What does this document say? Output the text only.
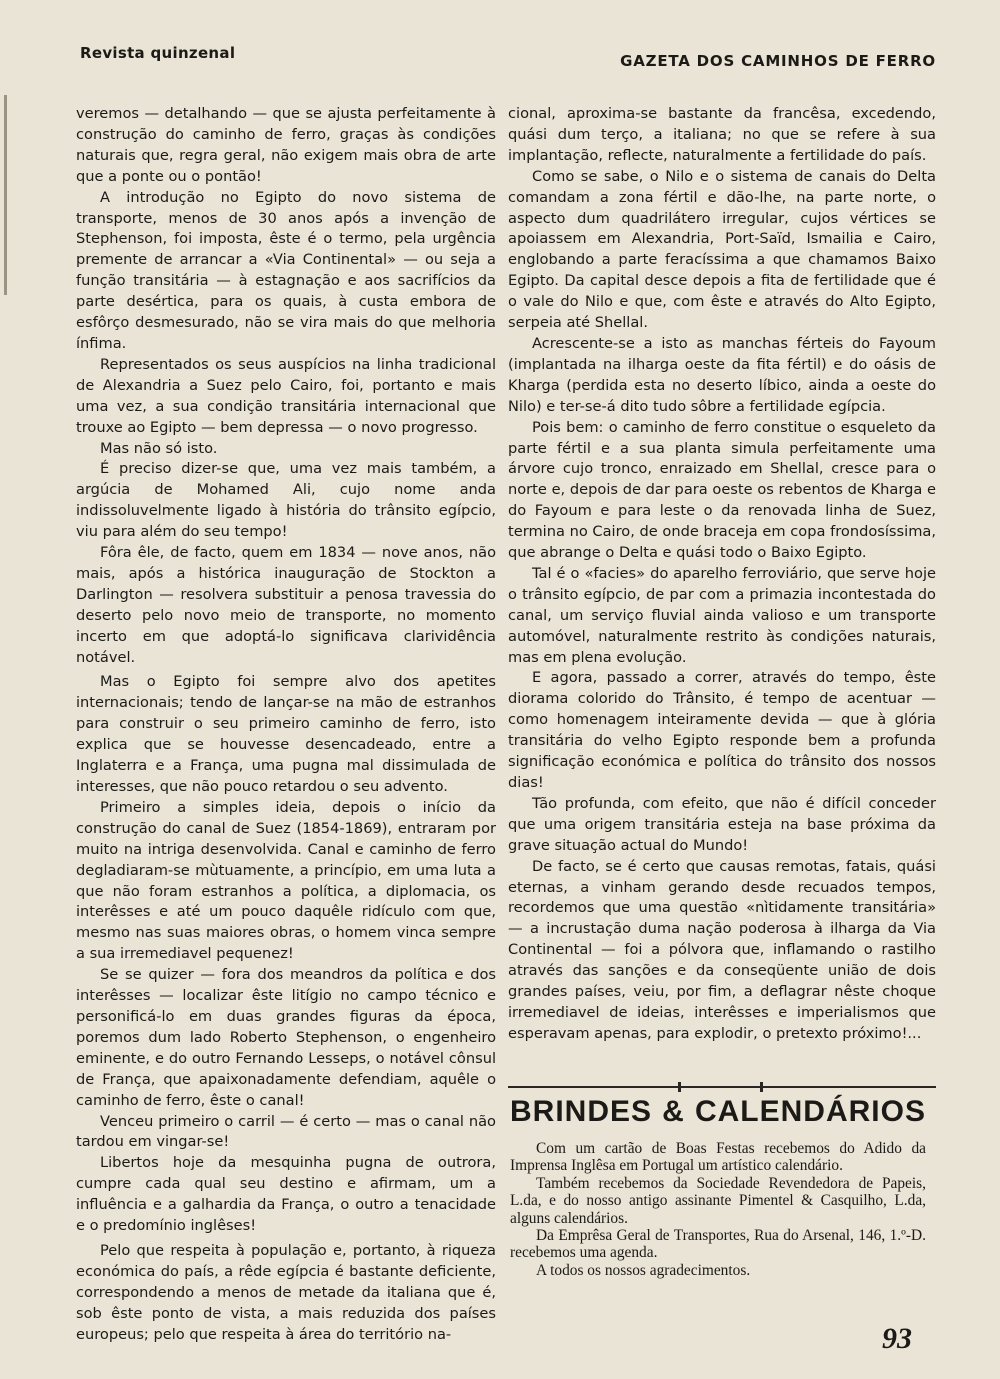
Revista quinzenal	GAZETA DOS CAMINHOS DE FERRO

veremos — detalhando — que se ajusta perfeitamente à construção do caminho de ferro, graças às condições naturais que, regra geral, não exigem mais obra de arte que a ponte ou o pontão!

A introdução no Egipto do novo sistema de transporte, menos de 30 anos após a invenção de Stephenson, foi imposta, êste é o termo, pela urgência premente de arrancar a «Via Continental» — ou seja a função transitária — à estagnação e aos sacrifícios da parte desértica, para os quais, à custa embora de esfôrço desmesurado, não se vira mais do que melhoria ínfima.

Representados os seus auspícios na linha tradicional de Alexandria a Suez pelo Cairo, foi, portanto e mais uma vez, a sua condição transitária internacional que trouxe ao Egipto — bem depressa — o novo progresso.

Mas não só isto.

É preciso dizer-se que, uma vez mais também, a argúcia de Mohamed Ali, cujo nome anda indissoluvelmente ligado à história do trânsito egípcio, viu para além do seu tempo!

Fôra êle, de facto, quem em 1834 — nove anos, não mais, após a histórica inauguração de Stockton a Darlington — resolvera substituir a penosa travessia do deserto pelo novo meio de transporte, no momento incerto em que adoptá-lo significava clarividência notável.

Mas o Egipto foi sempre alvo dos apetites internacionais; tendo de lançar-se na mão de estranhos para construir o seu primeiro caminho de ferro, isto explica que se houvesse desencadeado, entre a Inglaterra e a França, uma pugna mal dissimulada de interesses, que não pouco retardou o seu advento.

Primeiro a simples ideia, depois o início da construção do canal de Suez (1854-1869), entraram por muito na intriga desenvolvida. Canal e caminho de ferro degladiaram-se mùtuamente, a princípio, em uma luta a que não foram estranhos a política, a diplomacia, os interêsses e até um pouco daquêle ridículo com que, mesmo nas suas maiores obras, o homem vinca sempre a sua irremediavel pequenez!

Se se quizer — fora dos meandros da política e dos interêsses — localizar êste litígio no campo técnico e personificá-lo em duas grandes figuras da época, poremos dum lado Roberto Stephenson, o engenheiro eminente, e do outro Fernando Lesseps, o notável cônsul de França, que apaixonadamente defendiam, aquêle o caminho de ferro, êste o canal!

Venceu primeiro o carril — é certo — mas o canal não tardou em vingar-se!

Libertos hoje da mesquinha pugna de outrora, cumpre cada qual seu destino e afirmam, um a influência e a galhardia da França, o outro a tenacidade e o predomínio inglêses!

Pelo que respeita à população e, portanto, à riqueza económica do país, a rêde egípcia é bastante deficiente, correspondendo a menos de metade da italiana que é, sob êste ponto de vista, a mais reduzida dos países europeus; pelo que respeita à área do território na-

cional, aproxima-se bastante da francêsa, excedendo, quási dum terço, a italiana; no que se refere à sua implantação, reflecte, naturalmente a fertilidade do país.

Como se sabe, o Nilo e o sistema de canais do Delta comandam a zona fértil e dão-lhe, na parte norte, o aspecto dum quadrilátero irregular, cujos vértices se apoiassem em Alexandria, Port-Saïd, Ismailia e Cairo, englobando a parte feracíssima a que chamamos Baixo Egipto. Da capital desce depois a fita de fertilidade que é o vale do Nilo e que, com êste e através do Alto Egipto, serpeia até Shellal.

Acrescente-se a isto as manchas férteis do Fayoum (implantada na ilharga oeste da fita fértil) e do oásis de Kharga (perdida esta no deserto líbico, ainda a oeste do Nilo) e ter-se-á dito tudo sôbre a fertilidade egípcia.

Pois bem: o caminho de ferro constitue o esqueleto da parte fértil e a sua planta simula perfeitamente uma árvore cujo tronco, enraizado em Shellal, cresce para o norte e, depois de dar para oeste os rebentos de Kharga e do Fayoum e para leste o da renovada linha de Suez, termina no Cairo, de onde braceja em copa frondosíssima, que abrange o Delta e quási todo o Baixo Egipto.

Tal é o «facies» do aparelho ferroviário, que serve hoje o trânsito egípcio, de par com a primazia incontestada do canal, um serviço fluvial ainda valioso e um transporte automóvel, naturalmente restrito às condições naturais, mas em plena evolução.

E agora, passado a correr, através do tempo, êste diorama colorido do Trânsito, é tempo de acentuar — como homenagem inteiramente devida — que à glória transitária do velho Egipto responde bem a profunda significação económica e política do trânsito dos nossos dias!

Tão profunda, com efeito, que não é difícil conceder que uma origem transitária esteja na base próxima da grave situação actual do Mundo!

De facto, se é certo que causas remotas, fatais, quási eternas, a vinham gerando desde recuados tempos, recordemos que uma questão «nìtidamente transitária» — a incrustação duma nação poderosa à ilharga da Via Continental — foi a pólvora que, inflamando o rastilho através das sanções e da conseqüente união de dois grandes países, veiu, por fim, a deflagrar nêste choque irremediavel de ideias, interêsses e imperialismos que esperavam apenas, para explodir, o pretexto próximo!...

BRINDES & CALENDÁRIOS

Com um cartão de Boas Festas recebemos do Adido da Imprensa Inglêsa em Portugal um artístico calendário.

Também recebemos da Sociedade Revendedora de Papeis, L.da, e do nosso antigo assinante Pimentel & Casquilho, L.da, alguns calendários.

Da Emprêsa Geral de Transportes, Rua do Arsenal, 146, 1.º-D. recebemos uma agenda.

A todos os nossos agradecimentos.

93
